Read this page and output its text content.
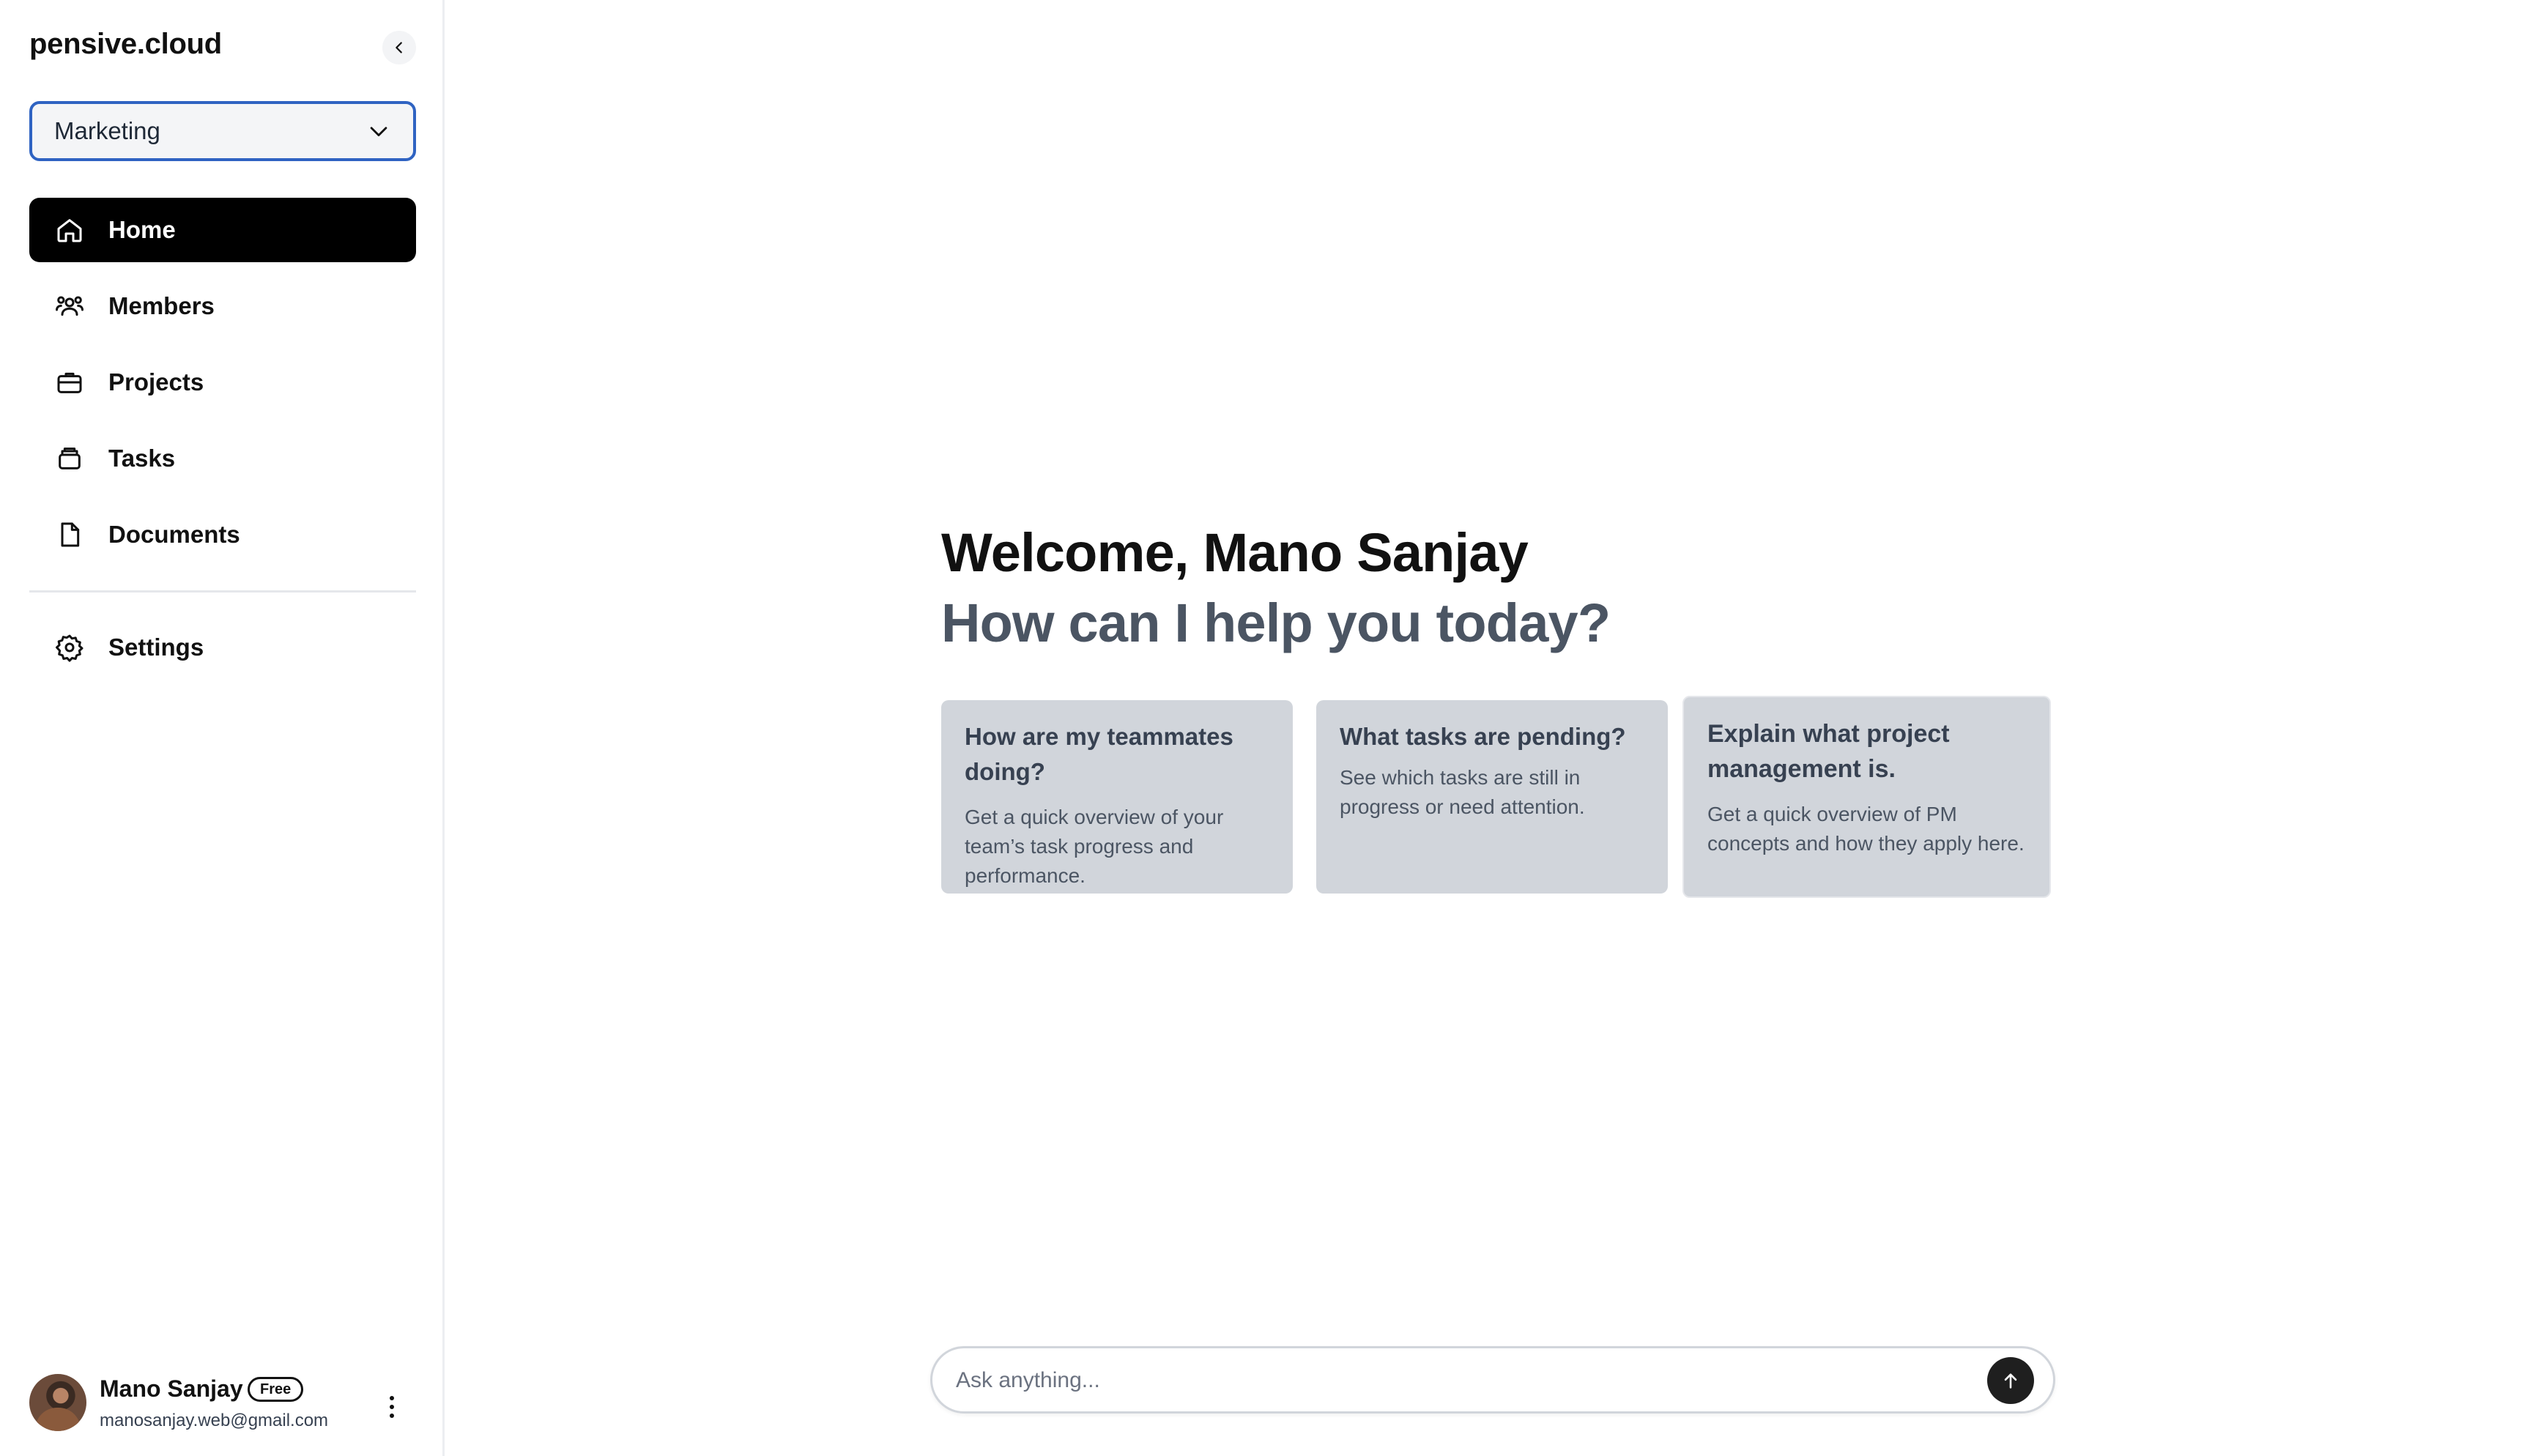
pensive.cloud
Marketing
Home
Members
Projects
Tasks
Documents
Settings
Mano Sanjay	Free
manosanjay.web@gmail.com
Welcome, Mano Sanjay
How can I help you today?
How are my teammates doing?
Get a quick overview of your team’s task progress and performance.
What tasks are pending?
See which tasks are still in progress or need attention.
Explain what project management is.
Get a quick overview of PM concepts and how they apply here.
Ask anything...
